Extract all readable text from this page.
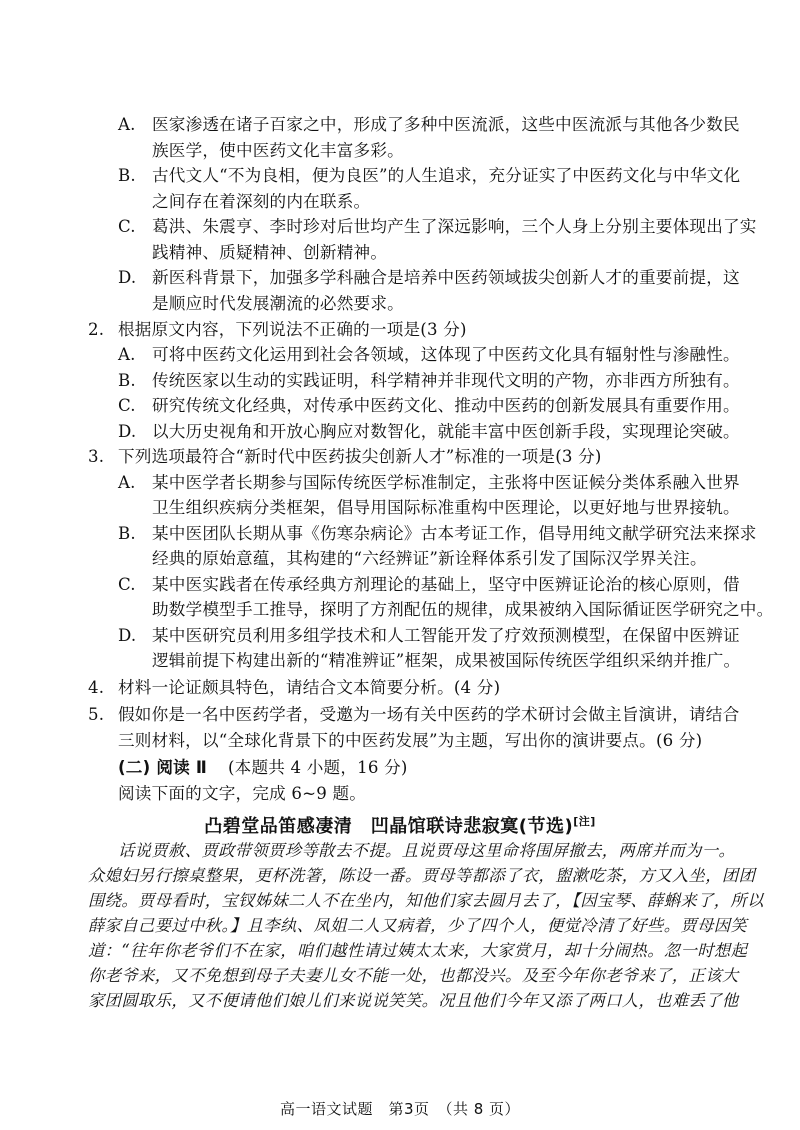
A. 医家渗透在诸子百家之中，形成了多种中医流派，这些中医流派与其他各少数民
族医学，使中医药文化丰富多彩。
B. 古代文人“不为良相，便为良医”的人生追求，充分证实了中医药文化与中华文化
之间存在着深刻的内在联系。
C. 葛洪、朱震亨、李时珍对后世均产生了深远影响，三个人身上分别主要体现出了实
践精神、质疑精神、创新精神。
D. 新医科背景下，加强多学科融合是培养中医药领域拔尖创新人才的重要前提，这
是顺应时代发展潮流的必然要求。
2. 根据原文内容，下列说法不正确的一项是(3 分)
A. 可将中医药文化运用到社会各领域，这体现了中医药文化具有辐射性与渗融性。
B. 传统医家以生动的实践证明，科学精神并非现代文明的产物，亦非西方所独有。
C. 研究传统文化经典，对传承中医药文化、推动中医药的创新发展具有重要作用。
D. 以大历史视角和开放心胸应对数智化，就能丰富中医创新手段，实现理论突破。
3. 下列选项最符合“新时代中医药拔尖创新人才”标准的一项是(3 分)
A. 某中医学者长期参与国际传统医学标准制定，主张将中医证候分类体系融入世界
卫生组织疾病分类框架，倡导用国际标准重构中医理论，以更好地与世界接轨。
B. 某中医团队长期从事《伤寒杂病论》古本考证工作，倡导用纯文献学研究法来探求
经典的原始意蕴，其构建的“六经辨证”新诠释体系引发了国际汉学界关注。
C. 某中医实践者在传承经典方剂理论的基础上，坚守中医辨证论治的核心原则，借
助数学模型手工推导，探明了方剂配伍的规律，成果被纳入国际循证医学研究之中。
D. 某中医研究员利用多组学技术和人工智能开发了疗效预测模型，在保留中医辨证
逻辑前提下构建出新的“精准辨证”框架，成果被国际传统医学组织采纳并推广。
4. 材料一论证颇具特色，请结合文本简要分析。(4 分)
5. 假如你是一名中医药学者，受邀为一场有关中医药的学术研讨会做主旨演讲，请结合
三则材料，以“全球化背景下的中医药发展”为主题，写出你的演讲要点。(6 分)
(二) 阅读 Ⅱ (本题共 4 小题，16 分)
阅读下面的文字，完成 6~9 题。
凸碧堂品笛感凄清　凹晶馆联诗悲寂寞(节选)[注]
话说贾赦、贾政带领贾珍等散去不提。且说贾母这里命将围屏撤去，两席并而为一。
众媳妇另行擦桌整果，更杯洗箸，陈设一番。贾母等都添了衣，盥漱吃茶，方又入坐，团团
围绕。贾母看时，宝钗姊妹二人不在坐内，知他们家去圆月去了，【因宝琴、薛蝌来了，所以
薛家自己要过中秋。】且李纨、凤姐二人又病着，少了四个人，便觉冷清了好些。贾母因笑
道：“往年你老爷们不在家，咱们越性请过姨太太来，大家赏月，却十分闹热。忽一时想起
你老爷来，又不免想到母子夫妻儿女不能一处，也都没兴。及至今年你老爷来了，正该大
家团圆取乐，又不便请他们娘儿们来说说笑笑。况且他们今年又添了两口人，也难丢了他
高一语文试题　第3页　（共 8 页）
